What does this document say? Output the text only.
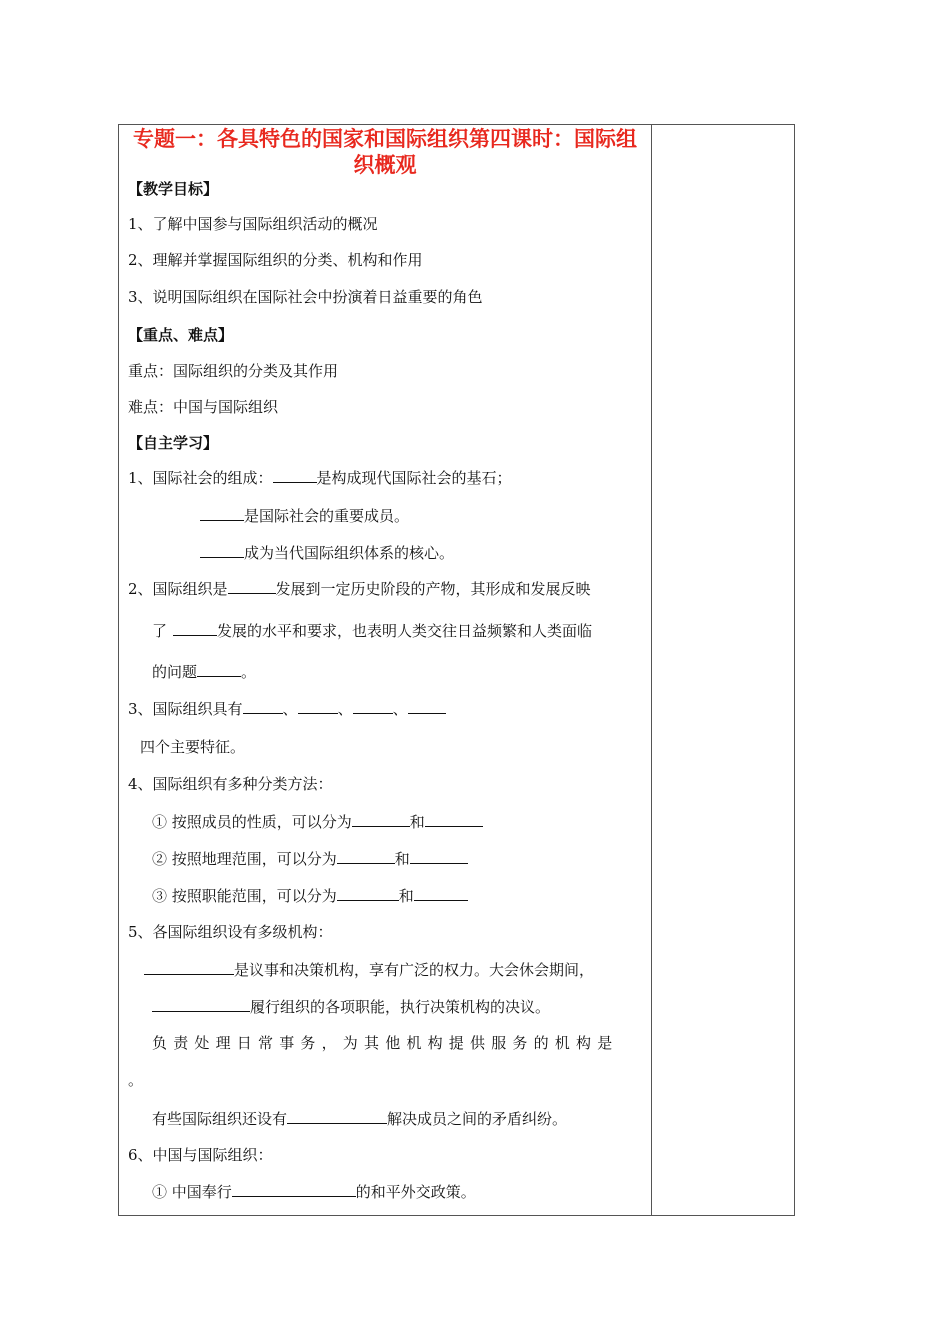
专题一：各具特色的国家和国际组织第四课时：国际组织概观
【教学目标】
1、了解中国参与国际组织活动的概况
2、理解并掌握国际组织的分类、机构和作用
3、说明国际组织在国际社会中扮演着日益重要的角色
【重点、难点】
重点：国际组织的分类及其作用
难点：中国与国际组织
【自主学习】
1、国际社会的组成：	是构成现代国际社会的基石；
是国际社会的重要成员。
成为当代国际组织体系的核心。
2、国际组织是	发展到一定历史阶段的产物，其形成和发展反映
了	发展的水平和要求，也表明人类交往日益频繁和人类面临
的问题	。
3、国际组织具有	、	、	、
四个主要特征。
4、国际组织有多种分类方法：
① 按照成员的性质，可以分为	和
② 按照地理范围，可以分为	和
③ 按照职能范围，可以分为	和
5、各国际组织设有多级机构：
是议事和决策机构，享有广泛的权力。大会休会期间，
履行组织的各项职能，执行决策机构的决议。
负责处理日常事务，为其他机构提供服务的机构是
。
有些国际组织还设有	解决成员之间的矛盾纠纷。
6、中国与国际组织：
① 中国奉行	的和平外交政策。
